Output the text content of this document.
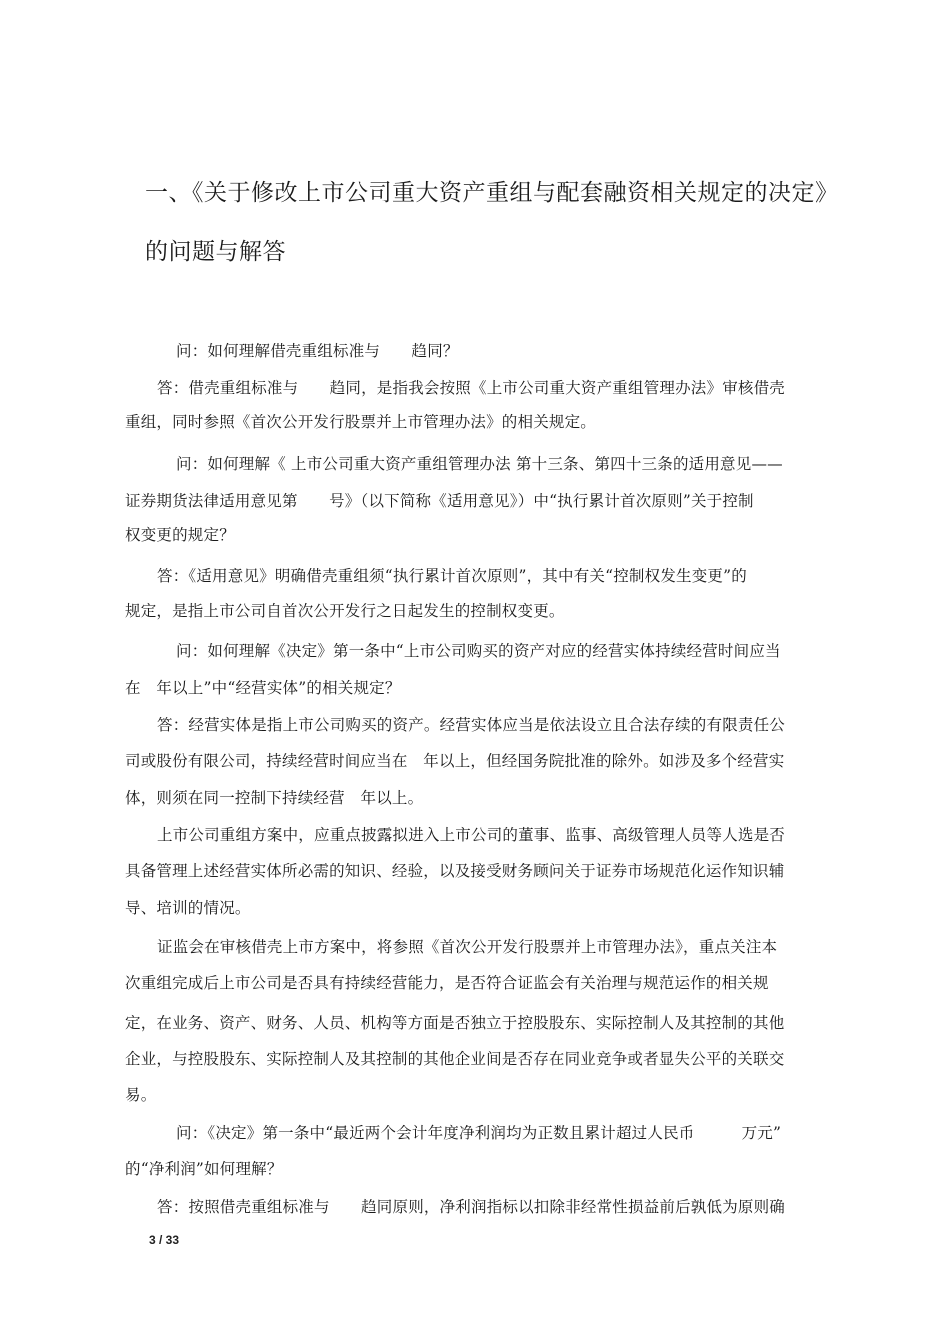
一、《关于修改上市公司重大资产重组与配套融资相关规定的决定》
的问题与解答
问：如何理解借壳重组标准与　　趋同？
答：借壳重组标准与　　趋同，是指我会按照《上市公司重大资产重组管理办法》审核借壳
重组，同时参照《首次公开发行股票并上市管理办法》的相关规定。
问：如何理解《 上市公司重大资产重组管理办法 第十三条、第四十三条的适用意见——
证券期货法律适用意见第　　号》（以下简称《适用意见》）中“执行累计首次原则”关于控制
权变更的规定？
答：《适用意见》明确借壳重组须“执行累计首次原则”，其中有关“控制权发生变更”的
规定，是指上市公司自首次公开发行之日起发生的控制权变更。
问：如何理解《决定》第一条中“上市公司购买的资产对应的经营实体持续经营时间应当
在　年以上”中“经营实体”的相关规定？
答：经营实体是指上市公司购买的资产。经营实体应当是依法设立且合法存续的有限责任公
司或股份有限公司，持续经营时间应当在　年以上，但经国务院批准的除外。如涉及多个经营实
体，则须在同一控制下持续经营　年以上。
上市公司重组方案中，应重点披露拟进入上市公司的董事、监事、高级管理人员等人选是否
具备管理上述经营实体所必需的知识、经验，以及接受财务顾问关于证券市场规范化运作知识辅
导、培训的情况。
证监会在审核借壳上市方案中，将参照《首次公开发行股票并上市管理办法》，重点关注本
次重组完成后上市公司是否具有持续经营能力，是否符合证监会有关治理与规范运作的相关规
定，在业务、资产、财务、人员、机构等方面是否独立于控股股东、实际控制人及其控制的其他
企业，与控股股东、实际控制人及其控制的其他企业间是否存在同业竞争或者显失公平的关联交
易。
问：《决定》第一条中“最近两个会计年度净利润均为正数且累计超过人民币　　　万元”
的“净利润”如何理解？
答：按照借壳重组标准与　　趋同原则，净利润指标以扣除非经常性损益前后孰低为原则确
3 / 33
